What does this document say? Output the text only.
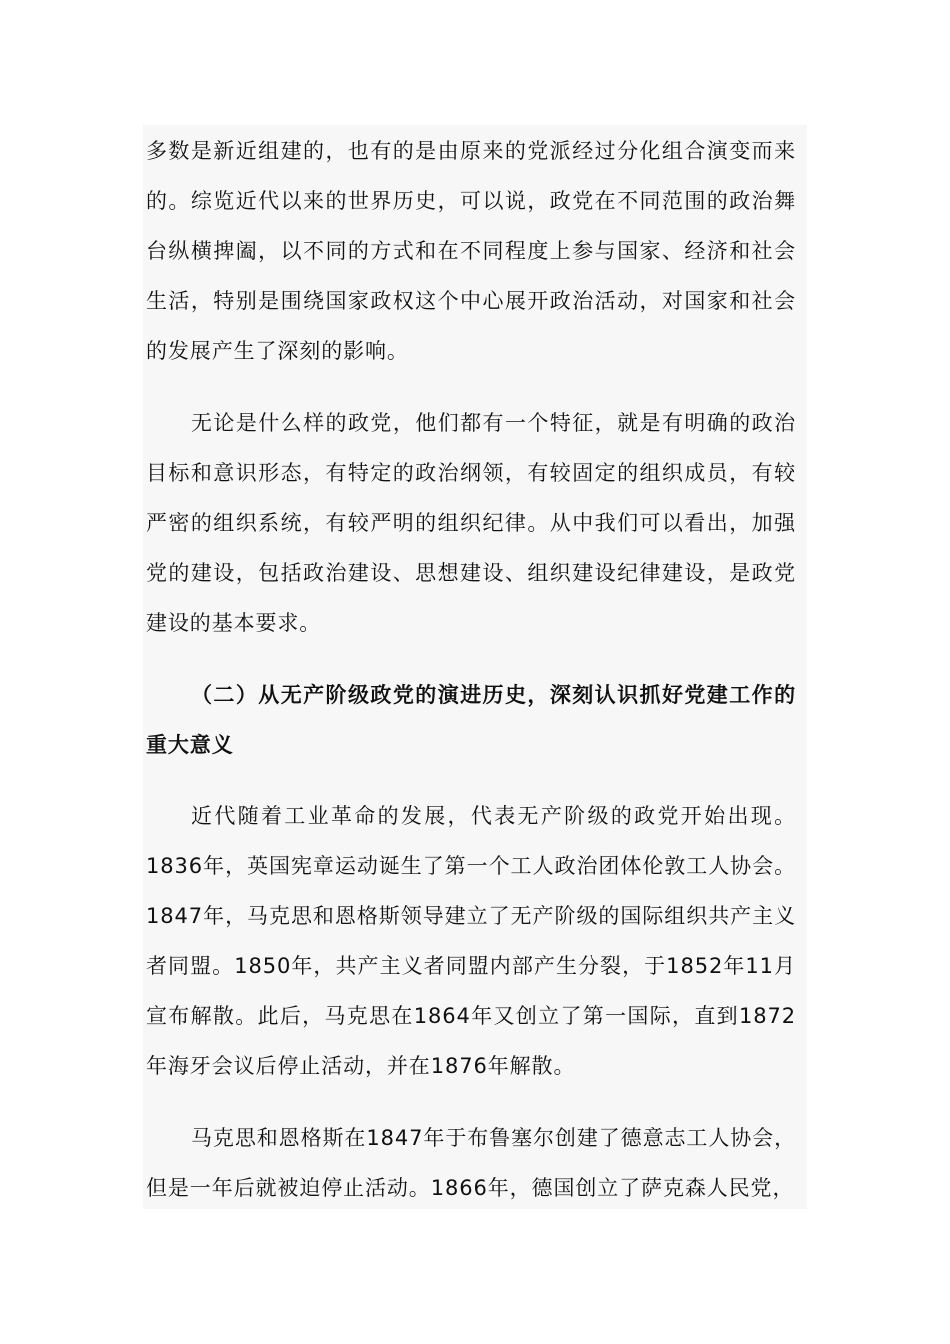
多数是新近组建的，也有的是由原来的党派经过分化组合演变而来的。综览近代以来的世界历史，可以说，政党在不同范围的政治舞台纵横捭阖，以不同的方式和在不同程度上参与国家、经济和社会生活，特别是围绕国家政权这个中心展开政治活动，对国家和社会的发展产生了深刻的影响。
无论是什么样的政党，他们都有一个特征，就是有明确的政治目标和意识形态，有特定的政治纲领，有较固定的组织成员，有较严密的组织系统，有较严明的组织纪律。从中我们可以看出，加强党的建设，包括政治建设、思想建设、组织建设纪律建设，是政党建设的基本要求。
（二）从无产阶级政党的演进历史，深刻认识抓好党建工作的重大意义
近代随着工业革命的发展，代表无产阶级的政党开始出现。1836年，英国宪章运动诞生了第一个工人政治团体伦敦工人协会。1847年，马克思和恩格斯领导建立了无产阶级的国际组织共产主义者同盟。1850年，共产主义者同盟内部产生分裂，于1852年11月宣布解散。此后，马克思在1864年又创立了第一国际，直到1872年海牙会议后停止活动，并在1876年解散。
马克思和恩格斯在1847年于布鲁塞尔创建了德意志工人协会，但是一年后就被迫停止活动。1866年，德国创立了萨克森人民党，
